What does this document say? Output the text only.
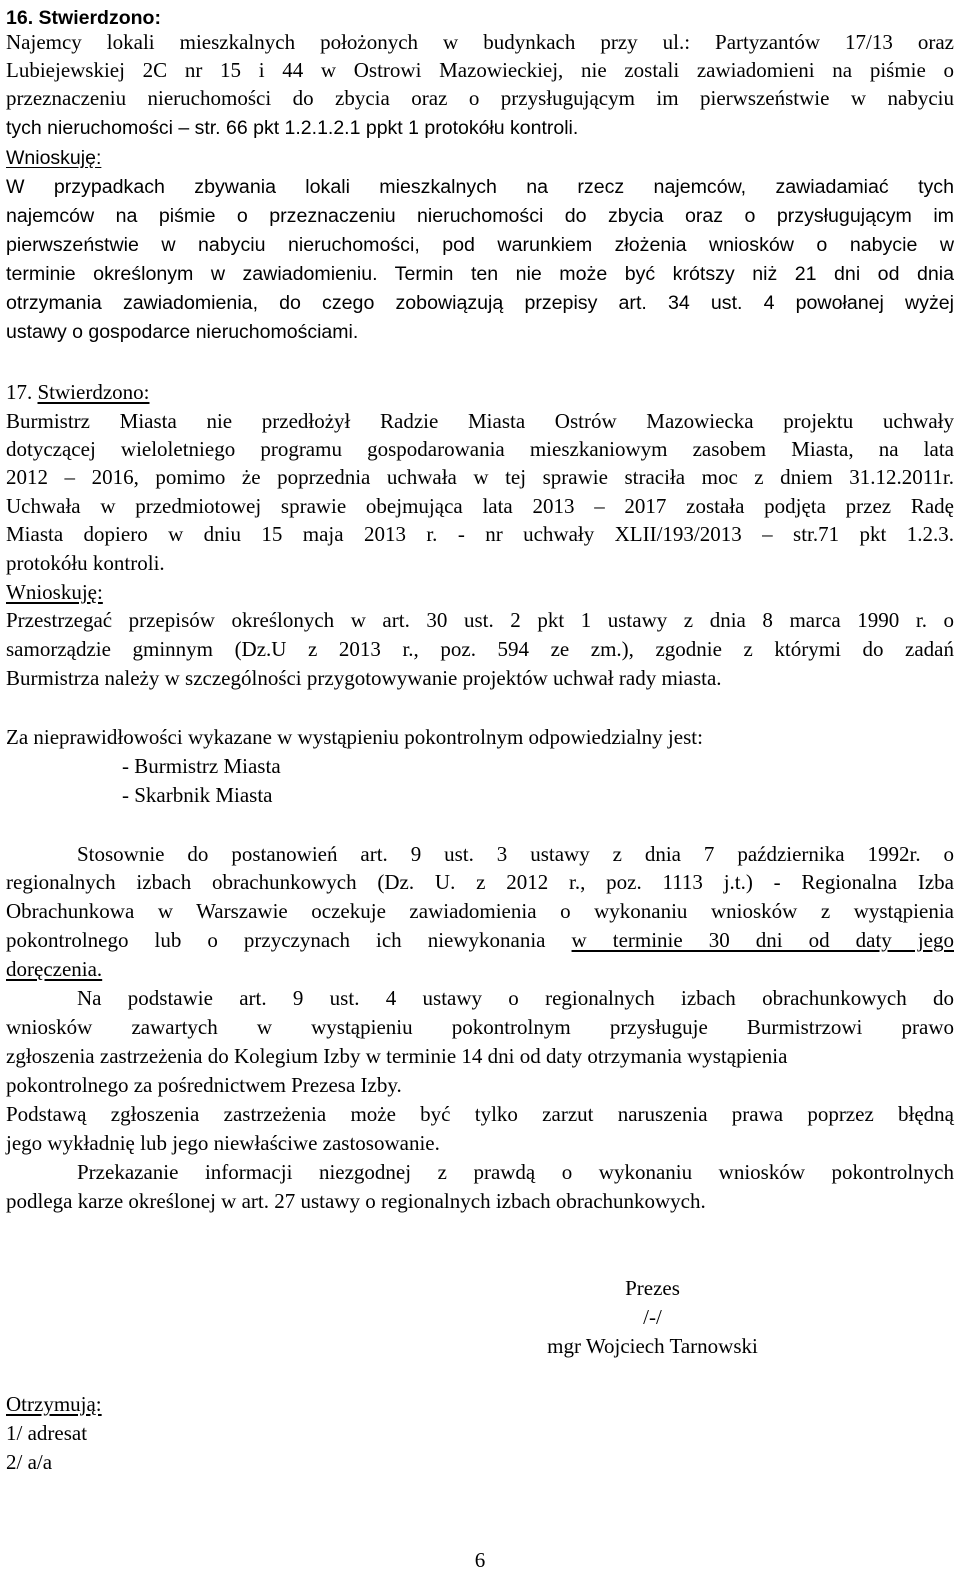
16. Stwierdzono:
Najemcy lokali mieszkalnych położonych w budynkach przy ul.: Partyzantów 17/13 oraz
Lubiejewskiej 2C nr 15 i 44 w Ostrowi Mazowieckiej, nie zostali zawiadomieni na piśmie o
przeznaczeniu nieruchomości do zbycia oraz o przysługującym im pierwszeństwie w nabyciu
tych nieruchomości – str. 66 pkt 1.2.1.2.1 ppkt 1 protokółu kontroli.
Wnioskuję:
W przypadkach zbywania lokali mieszkalnych na rzecz najemców, zawiadamiać tych
najemców na piśmie o przeznaczeniu nieruchomości do zbycia oraz o przysługującym im
pierwszeństwie w nabyciu nieruchomości, pod warunkiem złożenia wniosków o nabycie w
terminie określonym w zawiadomieniu. Termin ten nie może być krótszy niż 21 dni od dnia
otrzymania zawiadomienia, do czego zobowiązują przepisy art. 34 ust. 4 powołanej wyżej
ustawy o gospodarce nieruchomościami.
17. Stwierdzono:
Burmistrz Miasta nie przedłożył Radzie Miasta Ostrów Mazowiecka projektu uchwały
dotyczącej wieloletniego programu gospodarowania mieszkaniowym zasobem Miasta, na lata
2012 – 2016, pomimo że poprzednia uchwała w tej sprawie straciła moc z dniem 31.12.2011r.
Uchwała w przedmiotowej sprawie obejmująca lata 2013 – 2017 została podjęta przez Radę
Miasta dopiero w dniu 15 maja 2013 r. - nr uchwały XLII/193/2013 – str.71 pkt 1.2.3.
protokółu kontroli.
Wnioskuję:
Przestrzegać przepisów określonych w art. 30 ust. 2 pkt 1 ustawy z dnia 8 marca 1990 r. o
samorządzie gminnym (Dz.U z 2013 r., poz. 594 ze zm.), zgodnie z którymi do zadań
Burmistrza należy w szczególności przygotowywanie projektów uchwał rady miasta.
Za nieprawidłowości wykazane w wystąpieniu pokontrolnym odpowiedzialny jest:
- Burmistrz Miasta
- Skarbnik Miasta
Stosownie do postanowień art. 9 ust. 3 ustawy z dnia 7 października 1992r. o
regionalnych izbach obrachunkowych (Dz. U. z 2012 r., poz. 1113 j.t.) - Regionalna Izba
Obrachunkowa w Warszawie oczekuje zawiadomienia o wykonaniu wniosków z wystąpienia
pokontrolnego lub o przyczynach ich niewykonania w terminie 30 dni od daty jego
doręczenia.
Na podstawie art. 9 ust. 4 ustawy o regionalnych izbach obrachunkowych do
wniosków zawartych w wystąpieniu pokontrolnym przysługuje Burmistrzowi prawo
zgłoszenia zastrzeżenia do Kolegium Izby w terminie 14 dni od daty otrzymania wystąpienia
pokontrolnego za pośrednictwem Prezesa Izby.
Podstawą zgłoszenia zastrzeżenia może być tylko zarzut naruszenia prawa poprzez błędną
jego wykładnię lub jego niewłaściwe zastosowanie.
Przekazanie informacji niezgodnej z prawdą o wykonaniu wniosków pokontrolnych
podlega karze określonej w art. 27 ustawy o regionalnych izbach obrachunkowych.
Prezes
/-/
mgr Wojciech Tarnowski
Otrzymują:
1/ adresat
2/ a/a
6
